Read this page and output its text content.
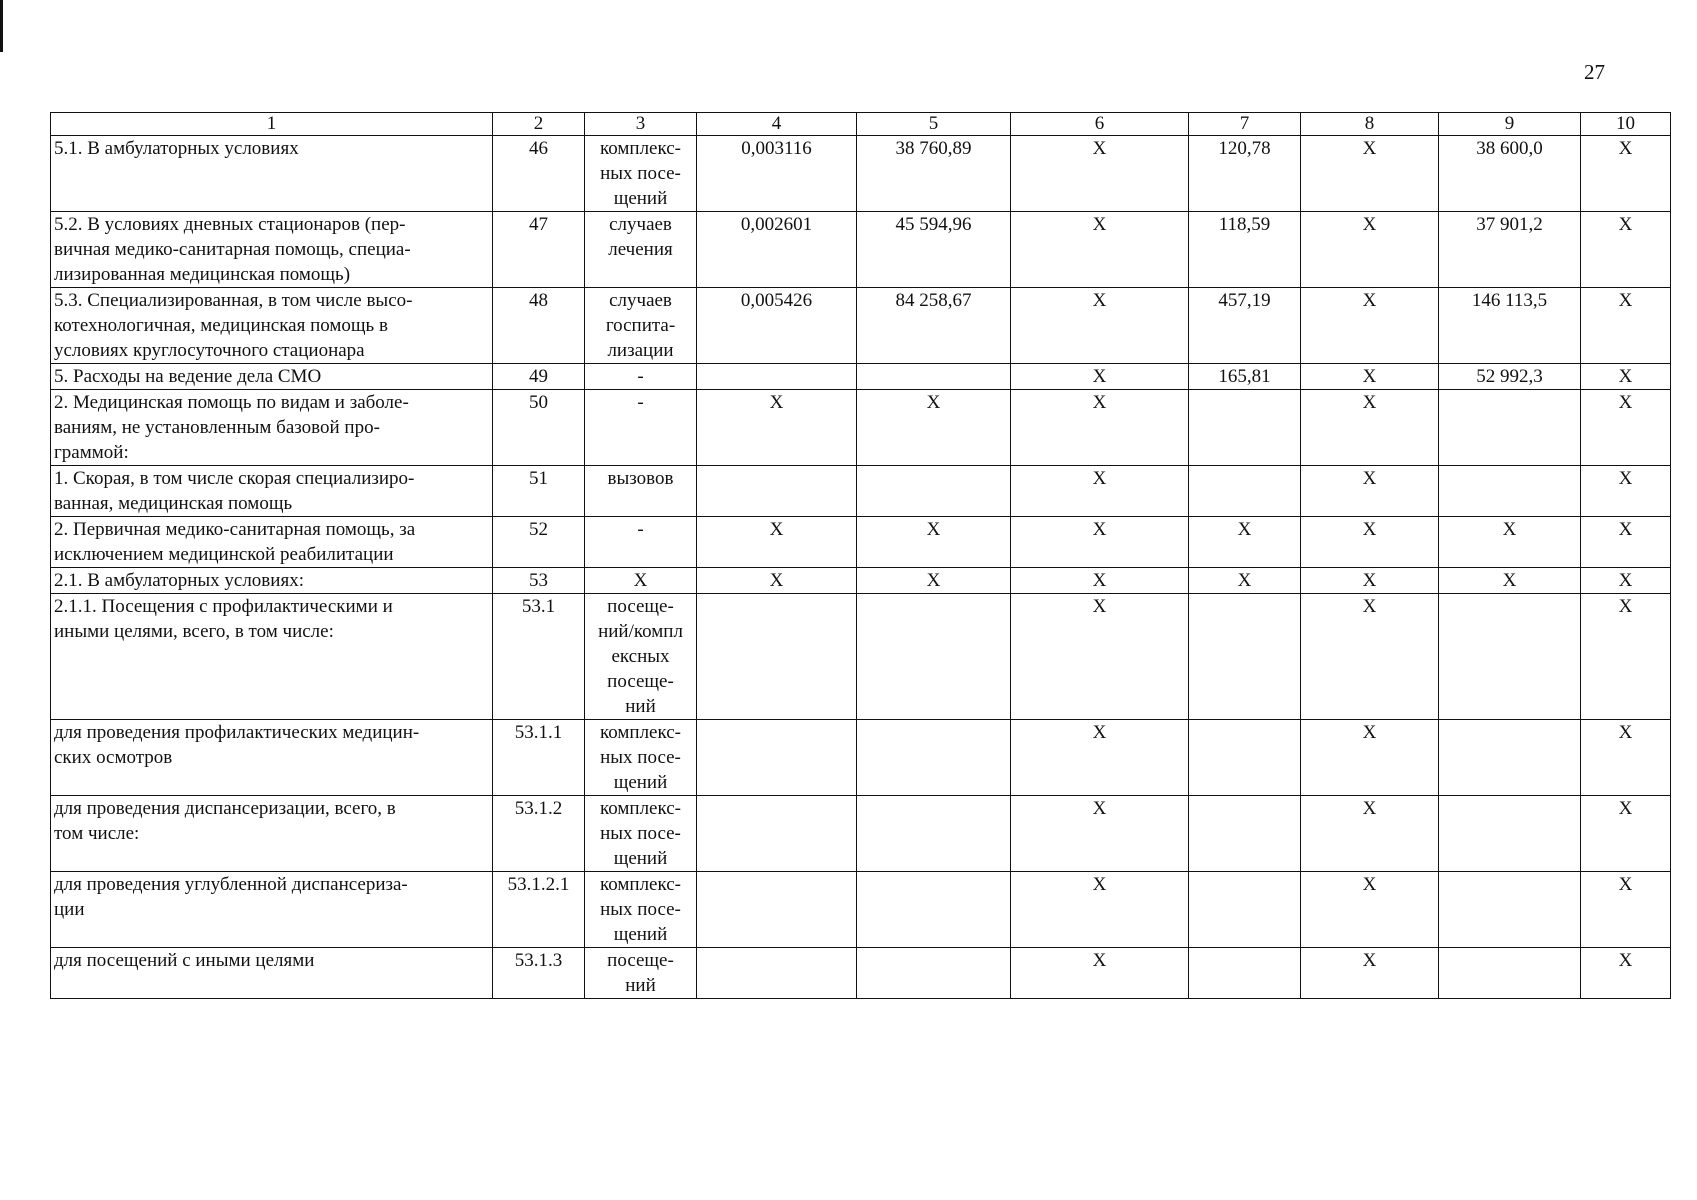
27
1	2	3	4	5	6	7	8	9	10
5.1. В амбулаторных условиях	46	комплекс-
ных посе-
щений	0,003116	38 760,89	X	120,78	X	38 600,0	X
5.2. В условиях дневных стационаров (пер-
вичная медико-санитарная помощь, специа-
лизированная медицинская помощь)	47	случаев
лечения	0,002601	45 594,96	X	118,59	X	37 901,2	X
5.3. Специализированная, в том числе высо-
котехнологичная, медицинская помощь в
условиях круглосуточного стационара	48	случаев
госпита-
лизации	0,005426	84 258,67	X	457,19	X	146 113,5	X
5. Расходы на ведение дела СМО	49	-			X	165,81	X	52 992,3	X
2. Медицинская помощь по видам и заболе-
ваниям, не установленным базовой про-
граммой:	50	-	X	X	X		X		X
1. Скорая, в том числе скорая специализиро-
ванная, медицинская помощь	51	вызовов			X		X		X
2. Первичная медико-санитарная помощь, за
исключением медицинской реабилитации	52	-	X	X	X	X	X	X	X
2.1. В амбулаторных условиях:	53	X	X	X	X	X	X	X	X
2.1.1. Посещения с профилактическими и
иными целями, всего, в том числе:	53.1	посеще-
ний/компл
ексных
посеще-
ний			X		X		X
для проведения профилактических медицин-
ских осмотров	53.1.1	комплекс-
ных посе-
щений			X		X		X
для проведения диспансеризации, всего, в
том числе:	53.1.2	комплекс-
ных посе-
щений			X		X		X
для проведения углубленной диспансериза-
ции	53.1.2.1	комплекс-
ных посе-
щений			X		X		X
для посещений с иными целями	53.1.3	посеще-
ний			X		X		X
